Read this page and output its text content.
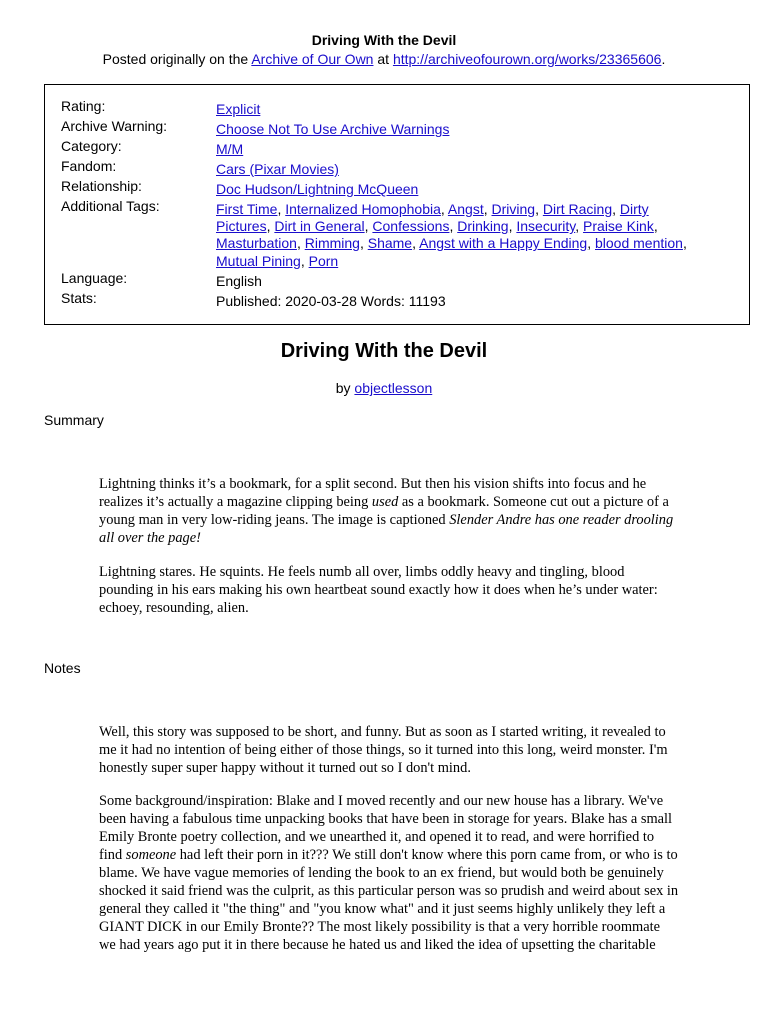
Driving With the Devil
Posted originally on the Archive of Our Own at http://archiveofourown.org/works/23365606.
Rating:	Explicit
Archive Warning:	Choose Not To Use Archive Warnings
Category:	M/M
Fandom:	Cars (Pixar Movies)
Relationship:	Doc Hudson/Lightning McQueen
Additional Tags:	First Time, Internalized Homophobia, Angst, Driving, Dirt Racing, Dirty Pictures, Dirt in General, Confessions, Drinking, Insecurity, Praise Kink, Masturbation, Rimming, Shame, Angst with a Happy Ending, blood mention, Mutual Pining, Porn
Language:	English
Stats:	Published: 2020-03-28 Words: 11193
Driving With the Devil
by objectlesson
Summary

Lightning thinks it’s a bookmark, for a split second. But then his vision shifts into focus and he realizes it’s actually a magazine clipping being used as a bookmark. Someone cut out a picture of a young man in very low-riding jeans. The image is captioned Slender Andre has one reader drooling all over the page!

Lightning stares. He squints. He feels numb all over, limbs oddly heavy and tingling, blood pounding in his ears making his own heartbeat sound exactly how it does when he’s under water: echoey, resounding, alien.

Notes

Well, this story was supposed to be short, and funny. But as soon as I started writing, it revealed to me it had no intention of being either of those things, so it turned into this long, weird monster. I'm honestly super super happy without it turned out so I don't mind.

Some background/inspiration: Blake and I moved recently and our new house has a library. We've been having a fabulous time unpacking books that have been in storage for years. Blake has a small Emily Bronte poetry collection, and we unearthed it, and opened it to read, and were horrified to find someone had left their porn in it??? We still don't know where this porn came from, or who is to blame. We have vague memories of lending the book to an ex friend, but would both be genuinely shocked it said friend was the culprit, as this particular person was so prudish and weird about sex in general they called it "the thing" and "you know what" and it just seems highly unlikely they left a GIANT DICK in our Emily Bronte?? The most likely possibility is that a very horrible roommate we had years ago put it in there because he hated us and liked the idea of upsetting the charitable
